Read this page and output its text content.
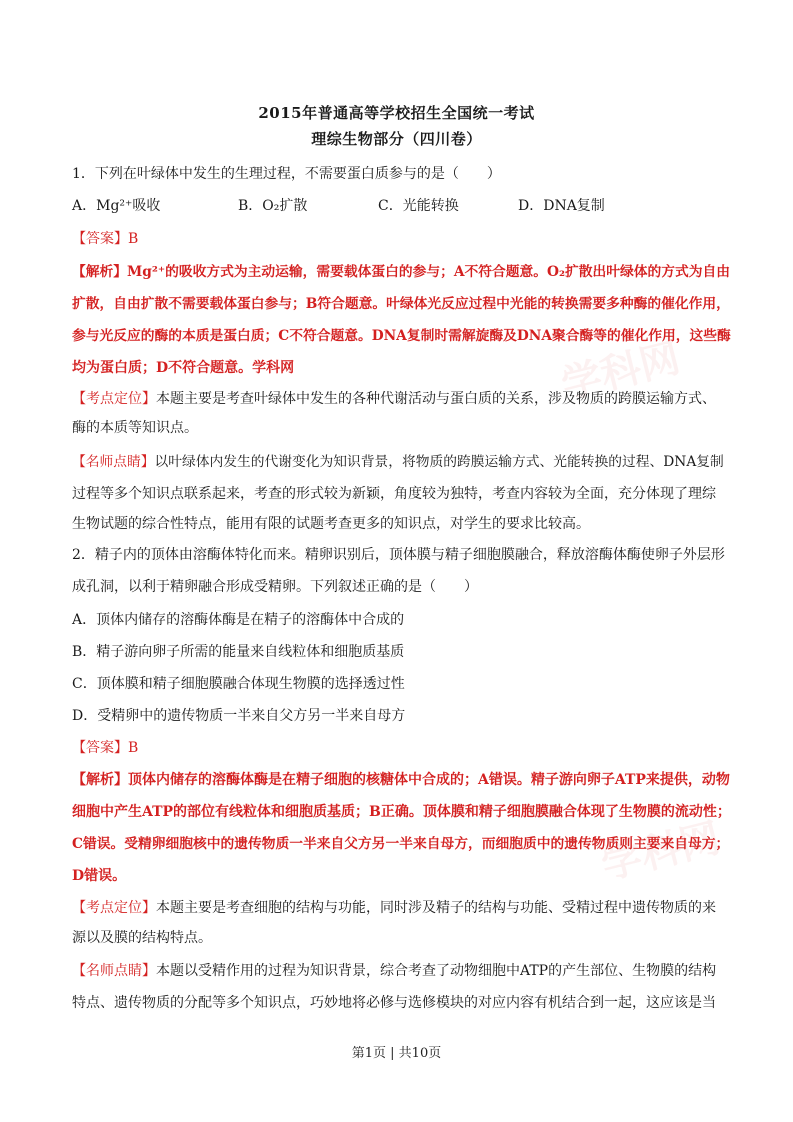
学科网
学科网
2015年普通高等学校招生全国统一考试
理综生物部分（四川卷）
1．下列在叶绿体中发生的生理过程，不需要蛋白质参与的是（　　）
A．Mg²⁺吸收	B．O₂扩散	C．光能转换	D．DNA复制
【答案】B
【解析】Mg²⁺的吸收方式为主动运输，需要载体蛋白的参与；A不符合题意。O₂扩散出叶绿体的方式为自由
扩散，自由扩散不需要载体蛋白参与；B符合题意。叶绿体光反应过程中光能的转换需要多种酶的催化作用，
参与光反应的酶的本质是蛋白质；C不符合题意。DNA复制时需解旋酶及DNA聚合酶等的催化作用，这些酶
均为蛋白质；D不符合题意。学科网
【考点定位】本题主要是考查叶绿体中发生的各种代谢活动与蛋白质的关系，涉及物质的跨膜运输方式、
酶的本质等知识点。
【名师点睛】以叶绿体内发生的代谢变化为知识背景，将物质的跨膜运输方式、光能转换的过程、DNA复制
过程等多个知识点联系起来，考查的形式较为新颖，角度较为独特，考查内容较为全面，充分体现了理综
生物试题的综合性特点，能用有限的试题考查更多的知识点，对学生的要求比较高。
2．精子内的顶体由溶酶体特化而来。精卵识别后，顶体膜与精子细胞膜融合，释放溶酶体酶使卵子外层形
成孔洞，以利于精卵融合形成受精卵。下列叙述正确的是（　　）
A．顶体内储存的溶酶体酶是在精子的溶酶体中合成的
B．精子游向卵子所需的能量来自线粒体和细胞质基质
C．顶体膜和精子细胞膜融合体现生物膜的选择透过性
D．受精卵中的遗传物质一半来自父方另一半来自母方
【答案】B
【解析】顶体内储存的溶酶体酶是在精子细胞的核糖体中合成的；A错误。精子游向卵子ATP来提供，动物
细胞中产生ATP的部位有线粒体和细胞质基质；B正确。顶体膜和精子细胞膜融合体现了生物膜的流动性；
C错误。受精卵细胞核中的遗传物质一半来自父方另一半来自母方，而细胞质中的遗传物质则主要来自母方；
D错误。
【考点定位】本题主要是考查细胞的结构与功能，同时涉及精子的结构与功能、受精过程中遗传物质的来
源以及膜的结构特点。
【名师点睛】本题以受精作用的过程为知识背景，综合考查了动物细胞中ATP的产生部位、生物膜的结构
特点、遗传物质的分配等多个知识点，巧妙地将必修与选修模块的对应内容有机结合到一起，这应该是当
第1页 | 共10页
